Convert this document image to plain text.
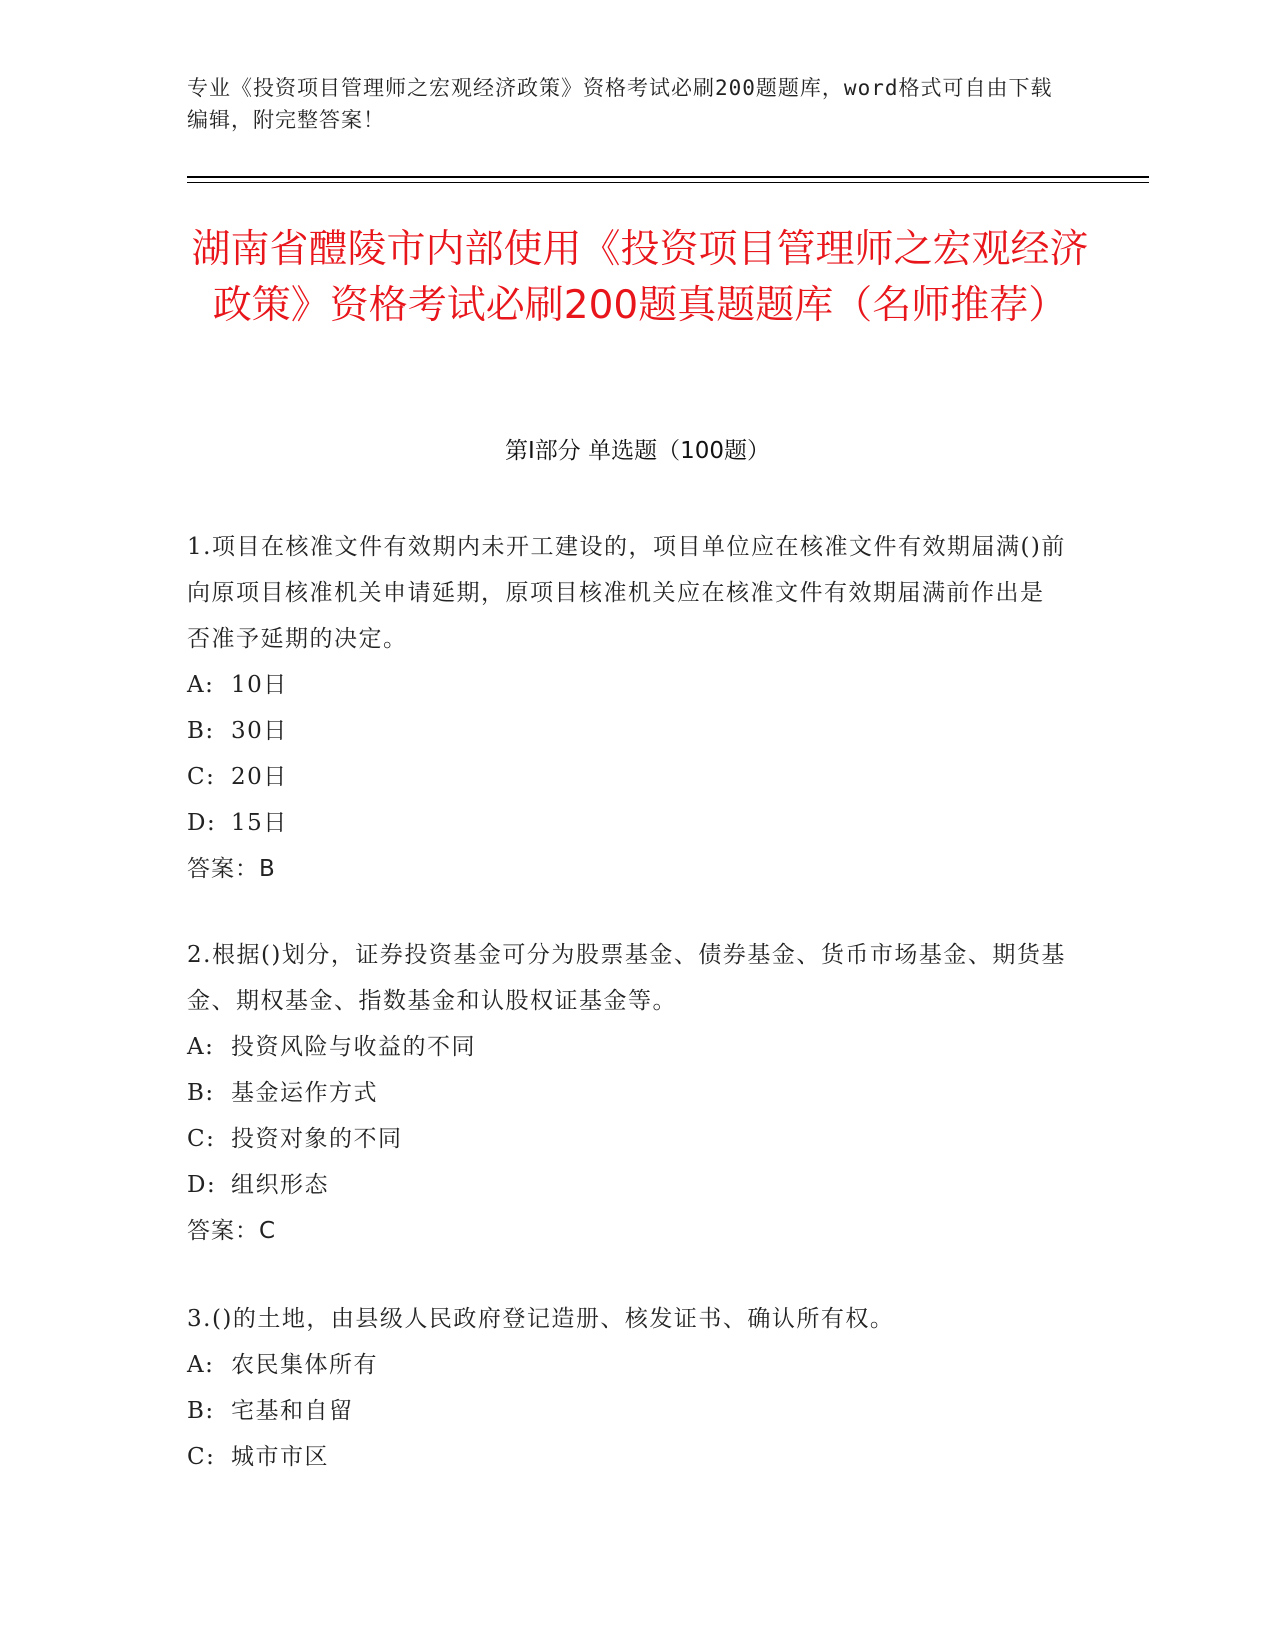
专业《投资项目管理师之宏观经济政策》资格考试必刷200题题库，word格式可自由下载编辑，附完整答案！
湖南省醴陵市内部使用《投资项目管理师之宏观经济政策》资格考试必刷200题真题题库（名师推荐）
第Ⅰ部分 单选题（100题）

1.项目在核准文件有效期内未开工建设的，项目单位应在核准文件有效期届满()前向原项目核准机关申请延期，原项目核准机关应在核准文件有效期届满前作出是否准予延期的决定。

A: 10日

B: 30日

C: 20日

D: 15日

答案：B

2.根据()划分，证券投资基金可分为股票基金、债券基金、货币市场基金、期货基金、期权基金、指数基金和认股权证基金等。

A: 投资风险与收益的不同

B: 基金运作方式

C: 投资对象的不同

D: 组织形态

答案：C

3.()的土地，由县级人民政府登记造册、核发证书、确认所有权。

A: 农民集体所有

B: 宅基和自留

C: 城市市区
